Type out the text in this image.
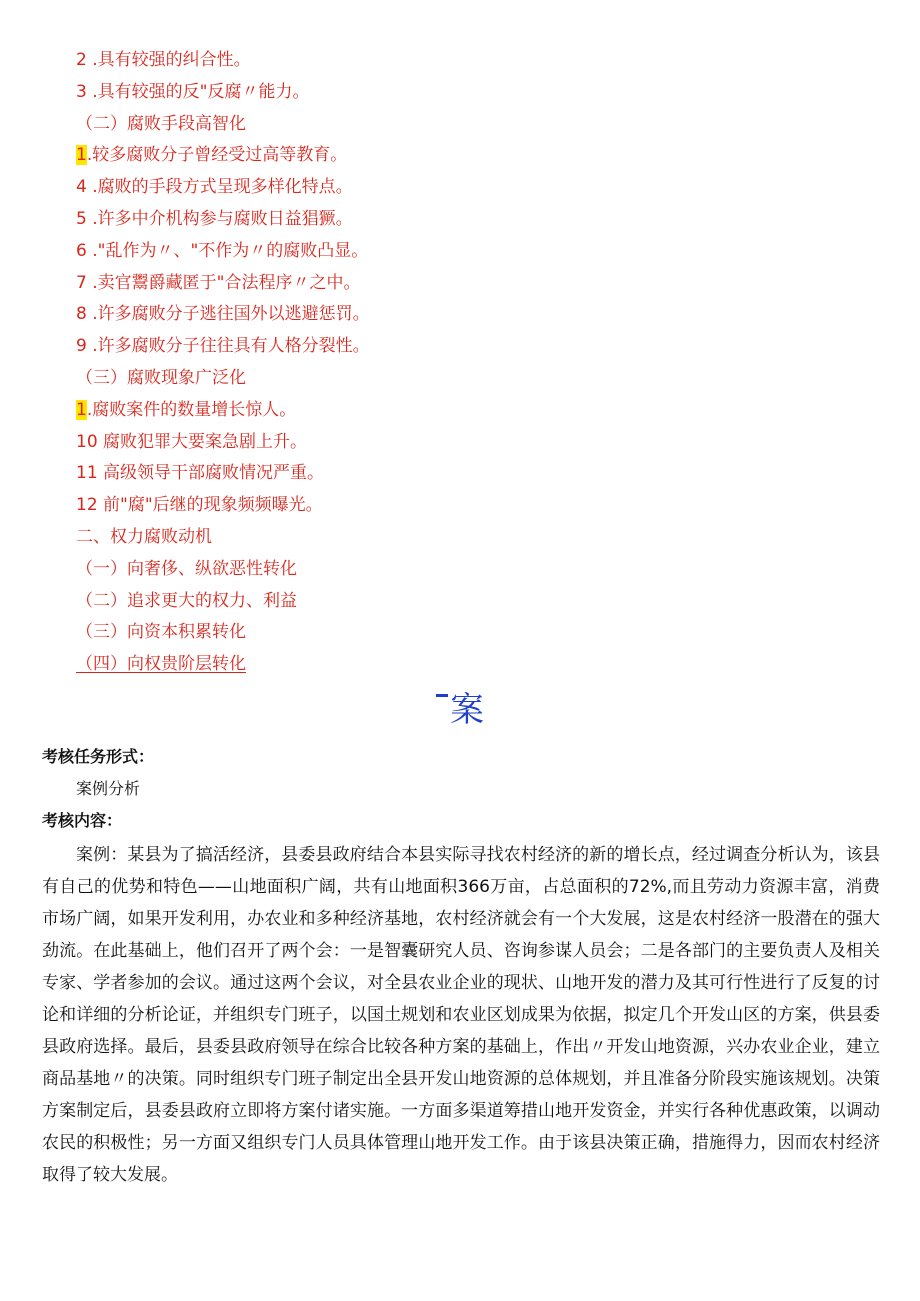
2 .具有较强的纠合性。
3 .具有较强的反"反腐〃能力。
（二）腐败手段高智化
1.较多腐败分子曾经受过高等教育。
4 .腐败的手段方式呈现多样化特点。
5 .许多中介机构参与腐败日益猖獗。
6 ."乱作为〃、"不作为〃的腐败凸显。
7 .卖官鬻爵藏匿于"合法程序〃之中。
8 .许多腐败分子逃往国外以逃避惩罚。
9 .许多腐败分子往往具有人格分裂性。
（三）腐败现象广泛化
1.腐败案件的数量增长惊人。
10 腐败犯罪大要案急剧上升。
11 高级领导干部腐败情况严重。
12 前"腐"后继的现象频频曝光。
二、权力腐败动机
（一）向奢侈、纵欲恶性转化
（二）追求更大的权力、利益
（三）向资本积累转化
（四）向权贵阶层转化
案
考核任务形式：
案例分析
考核内容：

案例：某县为了搞活经济，县委县政府结合本县实际寻找农村经济的新的增长点，经过调查分析认为，该县有自己的优势和特色——山地面积广阔，共有山地面积366万亩，占总面积的72%,而且劳动力资源丰富，消费市场广阔，如果开发利用，办农业和多种经济基地，农村经济就会有一个大发展，这是农村经济一股潜在的强大劲流。在此基础上，他们召开了两个会：一是智囊研究人员、咨询参谋人员会；二是各部门的主要负责人及相关专家、学者参加的会议。通过这两个会议，对全县农业企业的现状、山地开发的潜力及其可行性进行了反复的讨论和详细的分析论证，并组织专门班子，以国土规划和农业区划成果为依据，拟定几个开发山区的方案，供县委县政府选择。最后，县委县政府领导在综合比较各种方案的基础上，作出〃开发山地资源，兴办农业企业，建立商品基地〃的决策。同时组织专门班子制定出全县开发山地资源的总体规划，并且准备分阶段实施该规划。决策方案制定后，县委县政府立即将方案付诸实施。一方面多渠道筹措山地开发资金，并实行各种优惠政策，以调动农民的积极性；另一方面又组织专门人员具体管理山地开发工作。由于该县决策正确，措施得力，因而农村经济取得了较大发展。
